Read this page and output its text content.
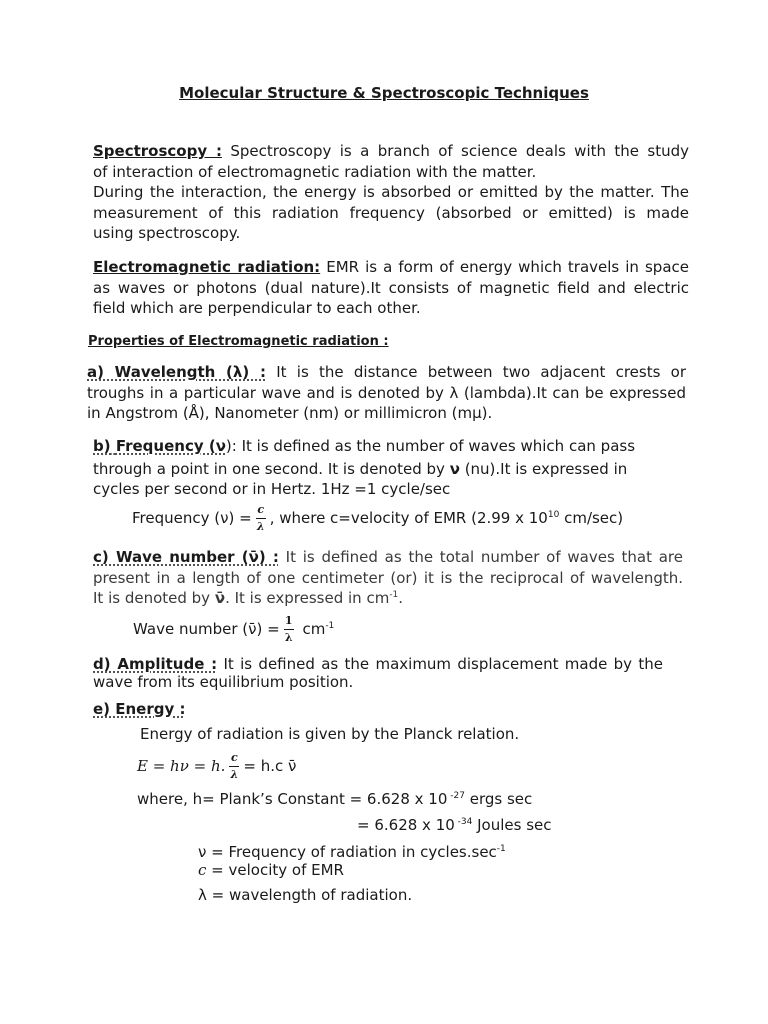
Molecular Structure & Spectroscopic Techniques
Spectroscopy : Spectroscopy is a branch of science deals with the study
of interaction of electromagnetic radiation with the matter.
During the interaction, the energy is absorbed or emitted by the matter. The
measurement of this radiation frequency (absorbed or emitted) is made
using spectroscopy.
Electromagnetic radiation: EMR is a form of energy which travels in space
as waves or photons (dual nature).It consists of magnetic field and electric
field which are perpendicular to each other.
Properties of Electromagnetic radiation :
a) Wavelength (λ) : It is the distance between two adjacent crests or
troughs in a particular wave and is denoted by λ (lambda).It can be expressed
in Angstrom (Å), Nanometer (nm) or millimicron (mμ).
b) Frequency (ν): It is defined as the number of waves which can pass
through a point in one second. It is denoted by ν (nu).It is expressed in
cycles per second or in Hertz. 1Hz =1 cycle/sec
Frequency $(\nu) = \frac{c}{\lambda}$ , where c=velocity of EMR (2.99 x $10^{10}$ cm/sec)
c) Wave number (ν̄) : It is defined as the total number of waves that are
present in a length of one centimeter (or) it is the reciprocal of wavelength.
It is denoted by ν̄. It is expressed in $cm^{-1}$.
Wave number (ν̄) = $\frac{1}{\lambda} cm^{-1}$
d) Amplitude : It is defined as the maximum displacement made by the
wave from its equilibrium position.
e) Energy :
Energy of radiation is given by the Planck relation.
E = hν = h. $\frac{c}{\lambda} = h.c$ ν̄
where, h= Plank’s Constant = 6.628 x 10 $^{-27}$ ergs sec
= 6.628 x 10 $^{-34}$ Joules sec
ν = Frequency of radiation in $cycles.\sec^{-1}$
c = velocity of EMR
λ = wavelength of radiation.
